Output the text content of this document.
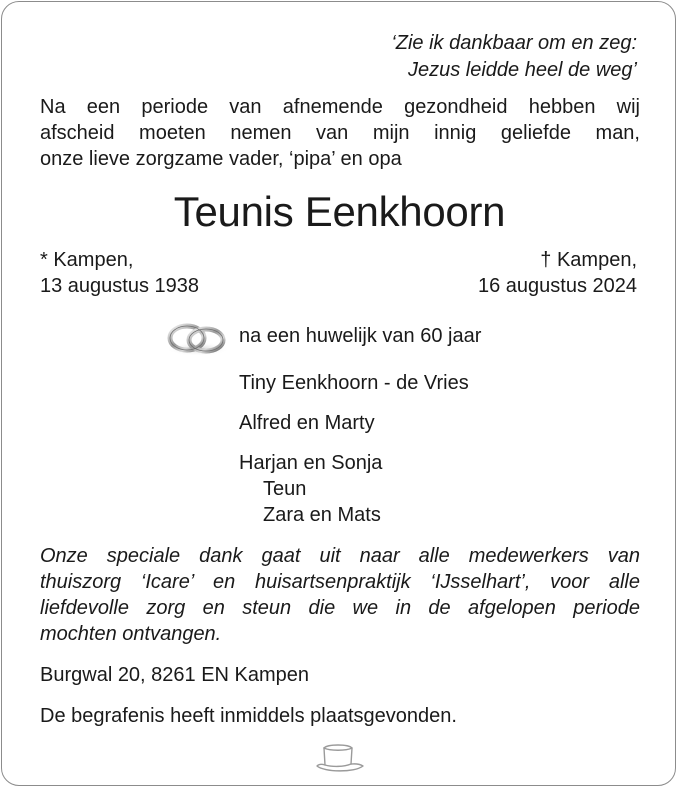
‘Zie ik dankbaar om en zeg:
Jezus leidde heel de weg’
Na een periode van afnemende gezondheid hebben wij
afscheid moeten nemen van mijn innig geliefde man,
onze lieve zorgzame vader, ‘pipa’ en opa
Teunis Eenkhoorn
* Kampen,
13 augustus 1938
† Kampen,
16 augustus 2024
na een huwelijk van 60 jaar
Tiny Eenkhoorn - de Vries
Alfred en Marty
Harjan en Sonja
Teun
Zara en Mats
Onze speciale dank gaat uit naar alle medewerkers van
thuiszorg ‘Icare’ en huisartsenpraktijk ‘IJsselhart’, voor alle
liefdevolle zorg en steun die we in de afgelopen periode
mochten ontvangen.
Burgwal 20, 8261 EN Kampen
De begrafenis heeft inmiddels plaatsgevonden.
